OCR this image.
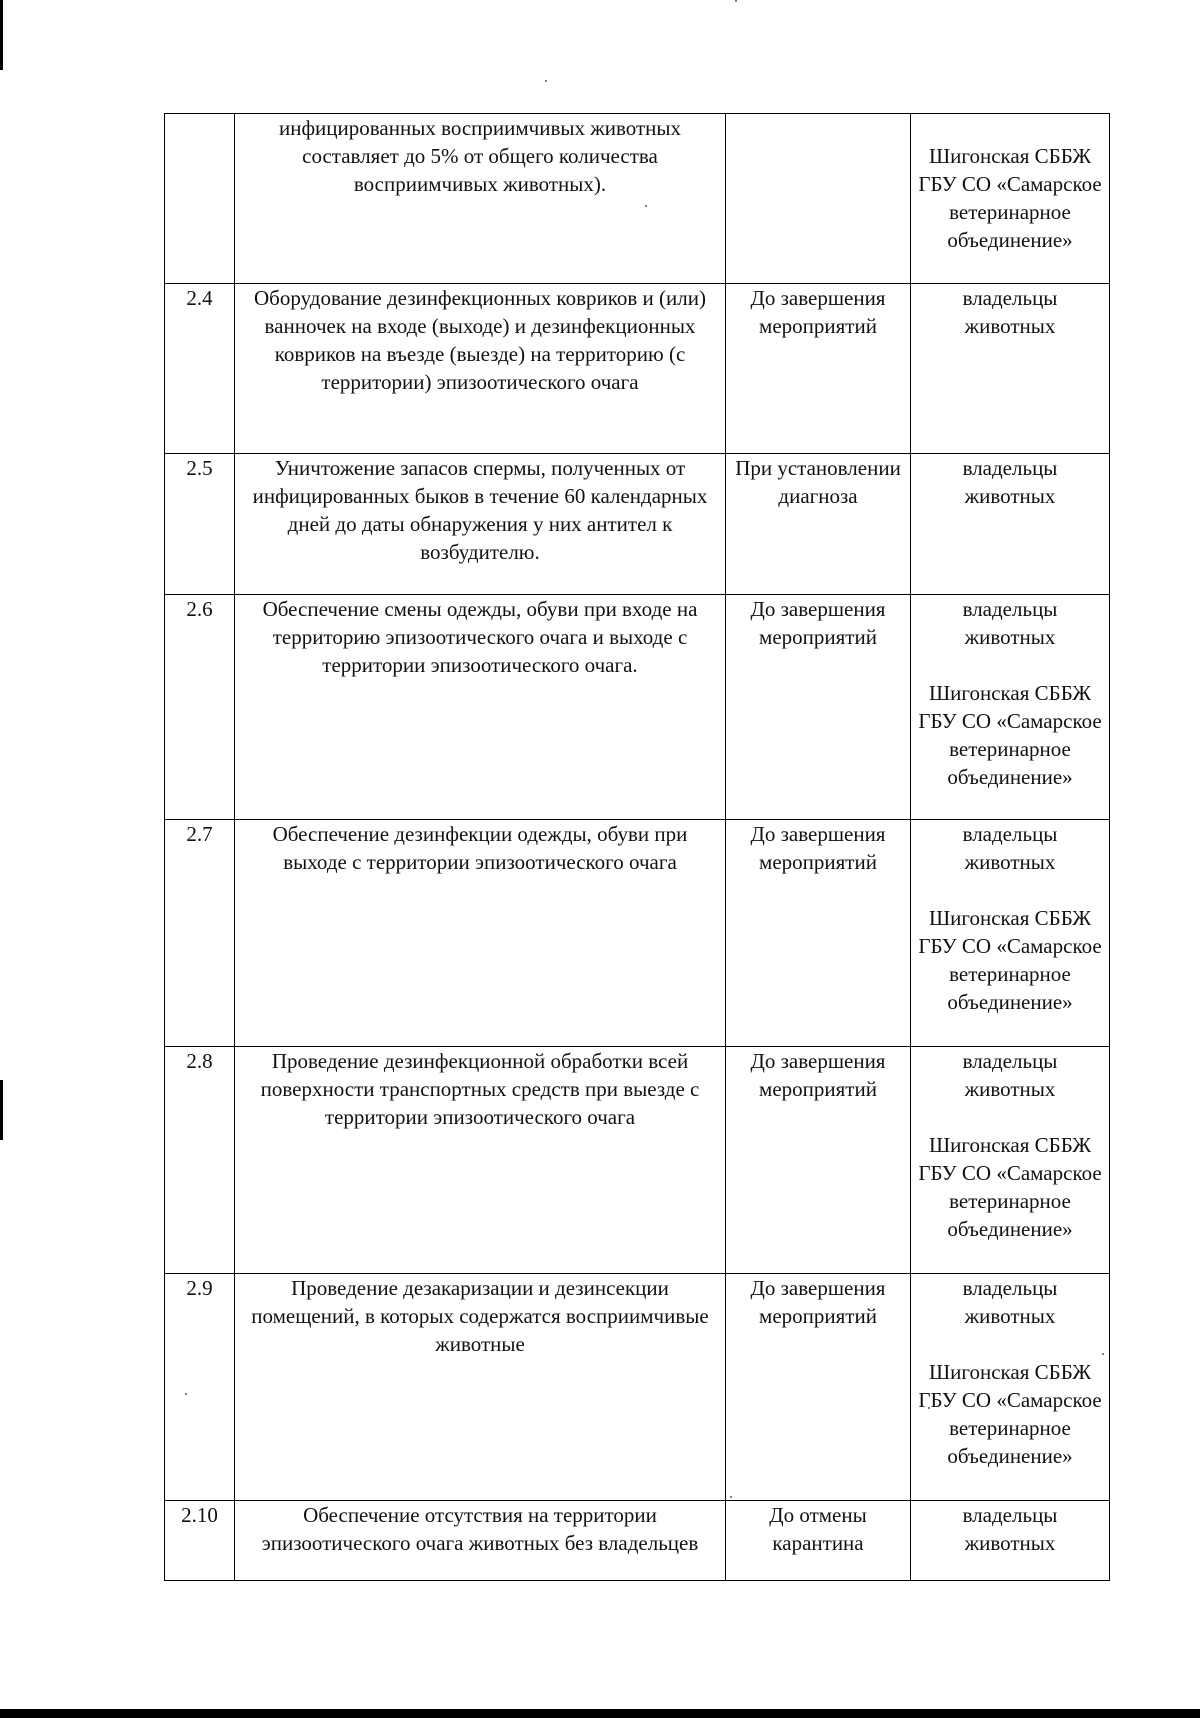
	инфицированных восприимчивых животных составляет до 5% от общего количества восприимчивых животных).		Шигонская СББЖ ГБУ СО «Самарское ветеринарное объединение»

2.4	Оборудование дезинфекционных ковриков и (или) ванночек на входе (выходе) и дезинфекционных ковриков на въезде (выезде) на территорию (с территории) эпизоотического очага	До завершения мероприятий	владельцы животных

2.5	Уничтожение запасов спермы, полученных от инфицированных быков в течение 60 календарных дней до даты обнаружения у них антител к возбудителю.	При установлении диагноза	владельцы животных

2.6	Обеспечение смены одежды, обуви при входе на территорию эпизоотического очага и выходе с территории эпизоотического очага.	До завершения мероприятий	владельцы животных
Шигонская СББЖ ГБУ СО «Самарское ветеринарное объединение»

2.7	Обеспечение дезинфекции одежды, обуви при выходе с территории эпизоотического очага	До завершения мероприятий	владельцы животных
Шигонская СББЖ ГБУ СО «Самарское ветеринарное объединение»

2.8	Проведение дезинфекционной обработки всей поверхности транспортных средств при выезде с территории эпизоотического очага	До завершения мероприятий	владельцы животных
Шигонская СББЖ ГБУ СО «Самарское ветеринарное объединение»

2.9	Проведение дезакаризации и дезинсекции помещений, в которых содержатся восприимчивые животные	До завершения мероприятий	владельцы животных
Шигонская СББЖ ГБУ СО «Самарское ветеринарное объединение»

2.10	Обеспечение отсутствия на территории эпизоотического очага животных без владельцев	До отмены карантина	владельцы животных
